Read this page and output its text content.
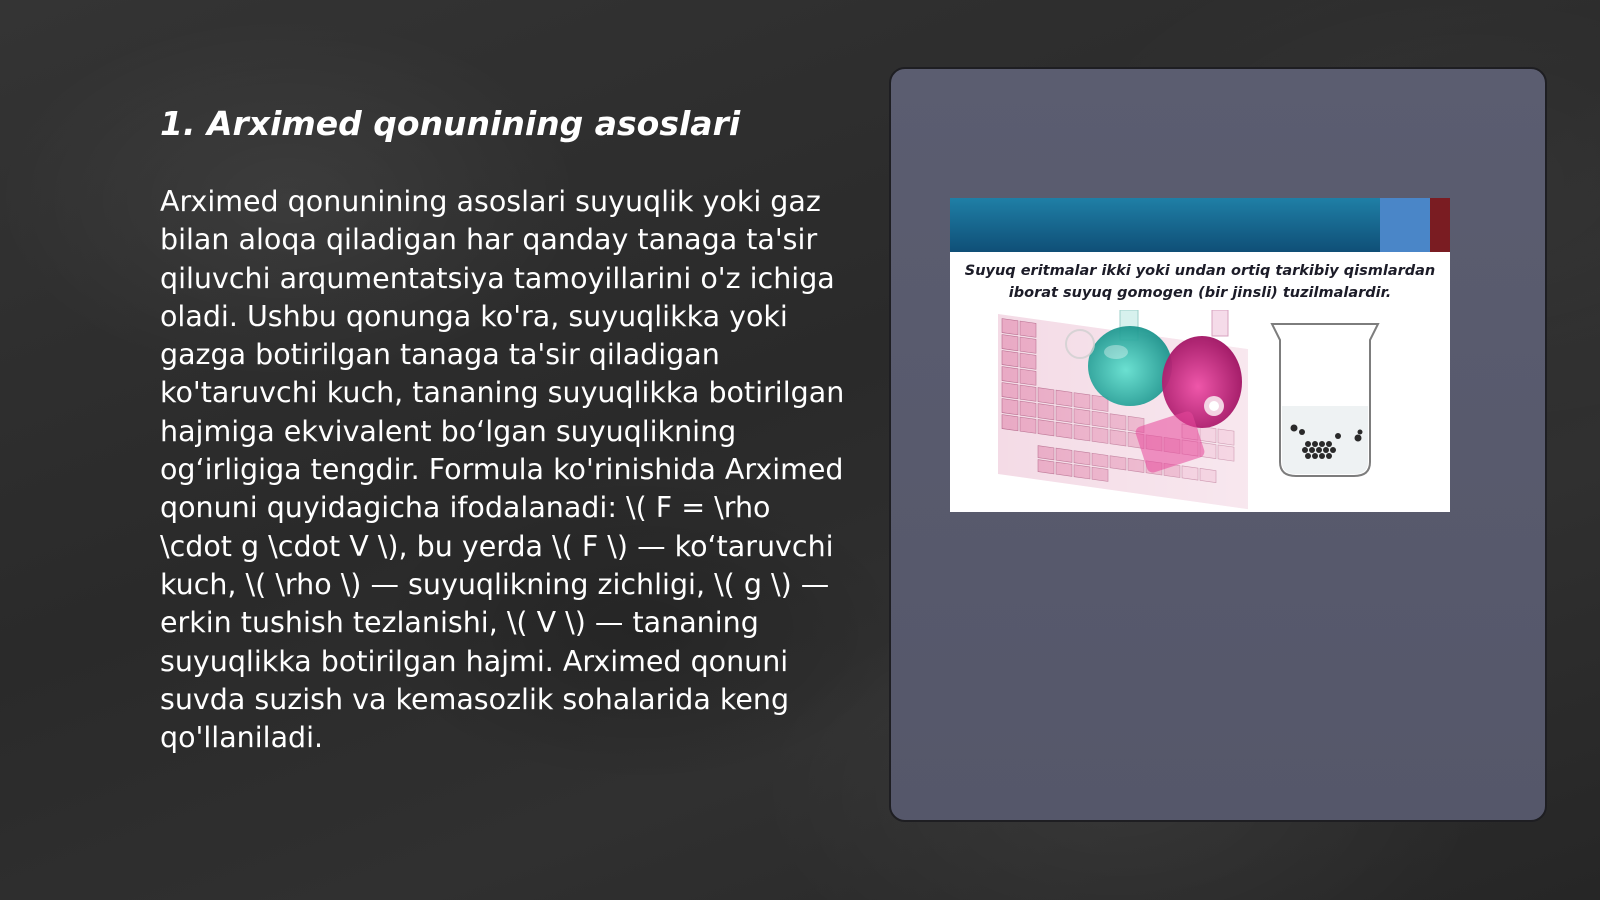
1. Arximed qonunining asoslari

Arximed qonunining asoslari suyuqlik yoki gaz bilan aloqa qiladigan har qanday tanaga ta'sir qiluvchi arqumentatsiya tamoyillarini o'z ichiga oladi. Ushbu qonunga ko'ra, suyuqlikka yoki gazga botirilgan tanaga ta'sir qiladigan ko'taruvchi kuch, tananing suyuqlikka botirilgan hajmiga ekvivalent bo‘lgan suyuqlikning og‘irligiga tengdir. Formula ko'rinishida Arximed qonuni quyidagicha ifodalanadi: \( F = \rho \cdot g \cdot V \), bu yerda \( F \) — ko‘taruvchi kuch, \( \rho \) — suyuqlikning zichligi, \( g \) — erkin tushish tezlanishi, \( V \) — tananing suyuqlikka botirilgan hajmi. Arximed qonuni suvda suzish va kemasozlik sohalarida keng qo'llaniladi.

Suyuq eritmalar ikki yoki undan ortiq tarkibiy qismlardan iborat suyuq gomogen (bir jinsli) tuzilmalardir.
